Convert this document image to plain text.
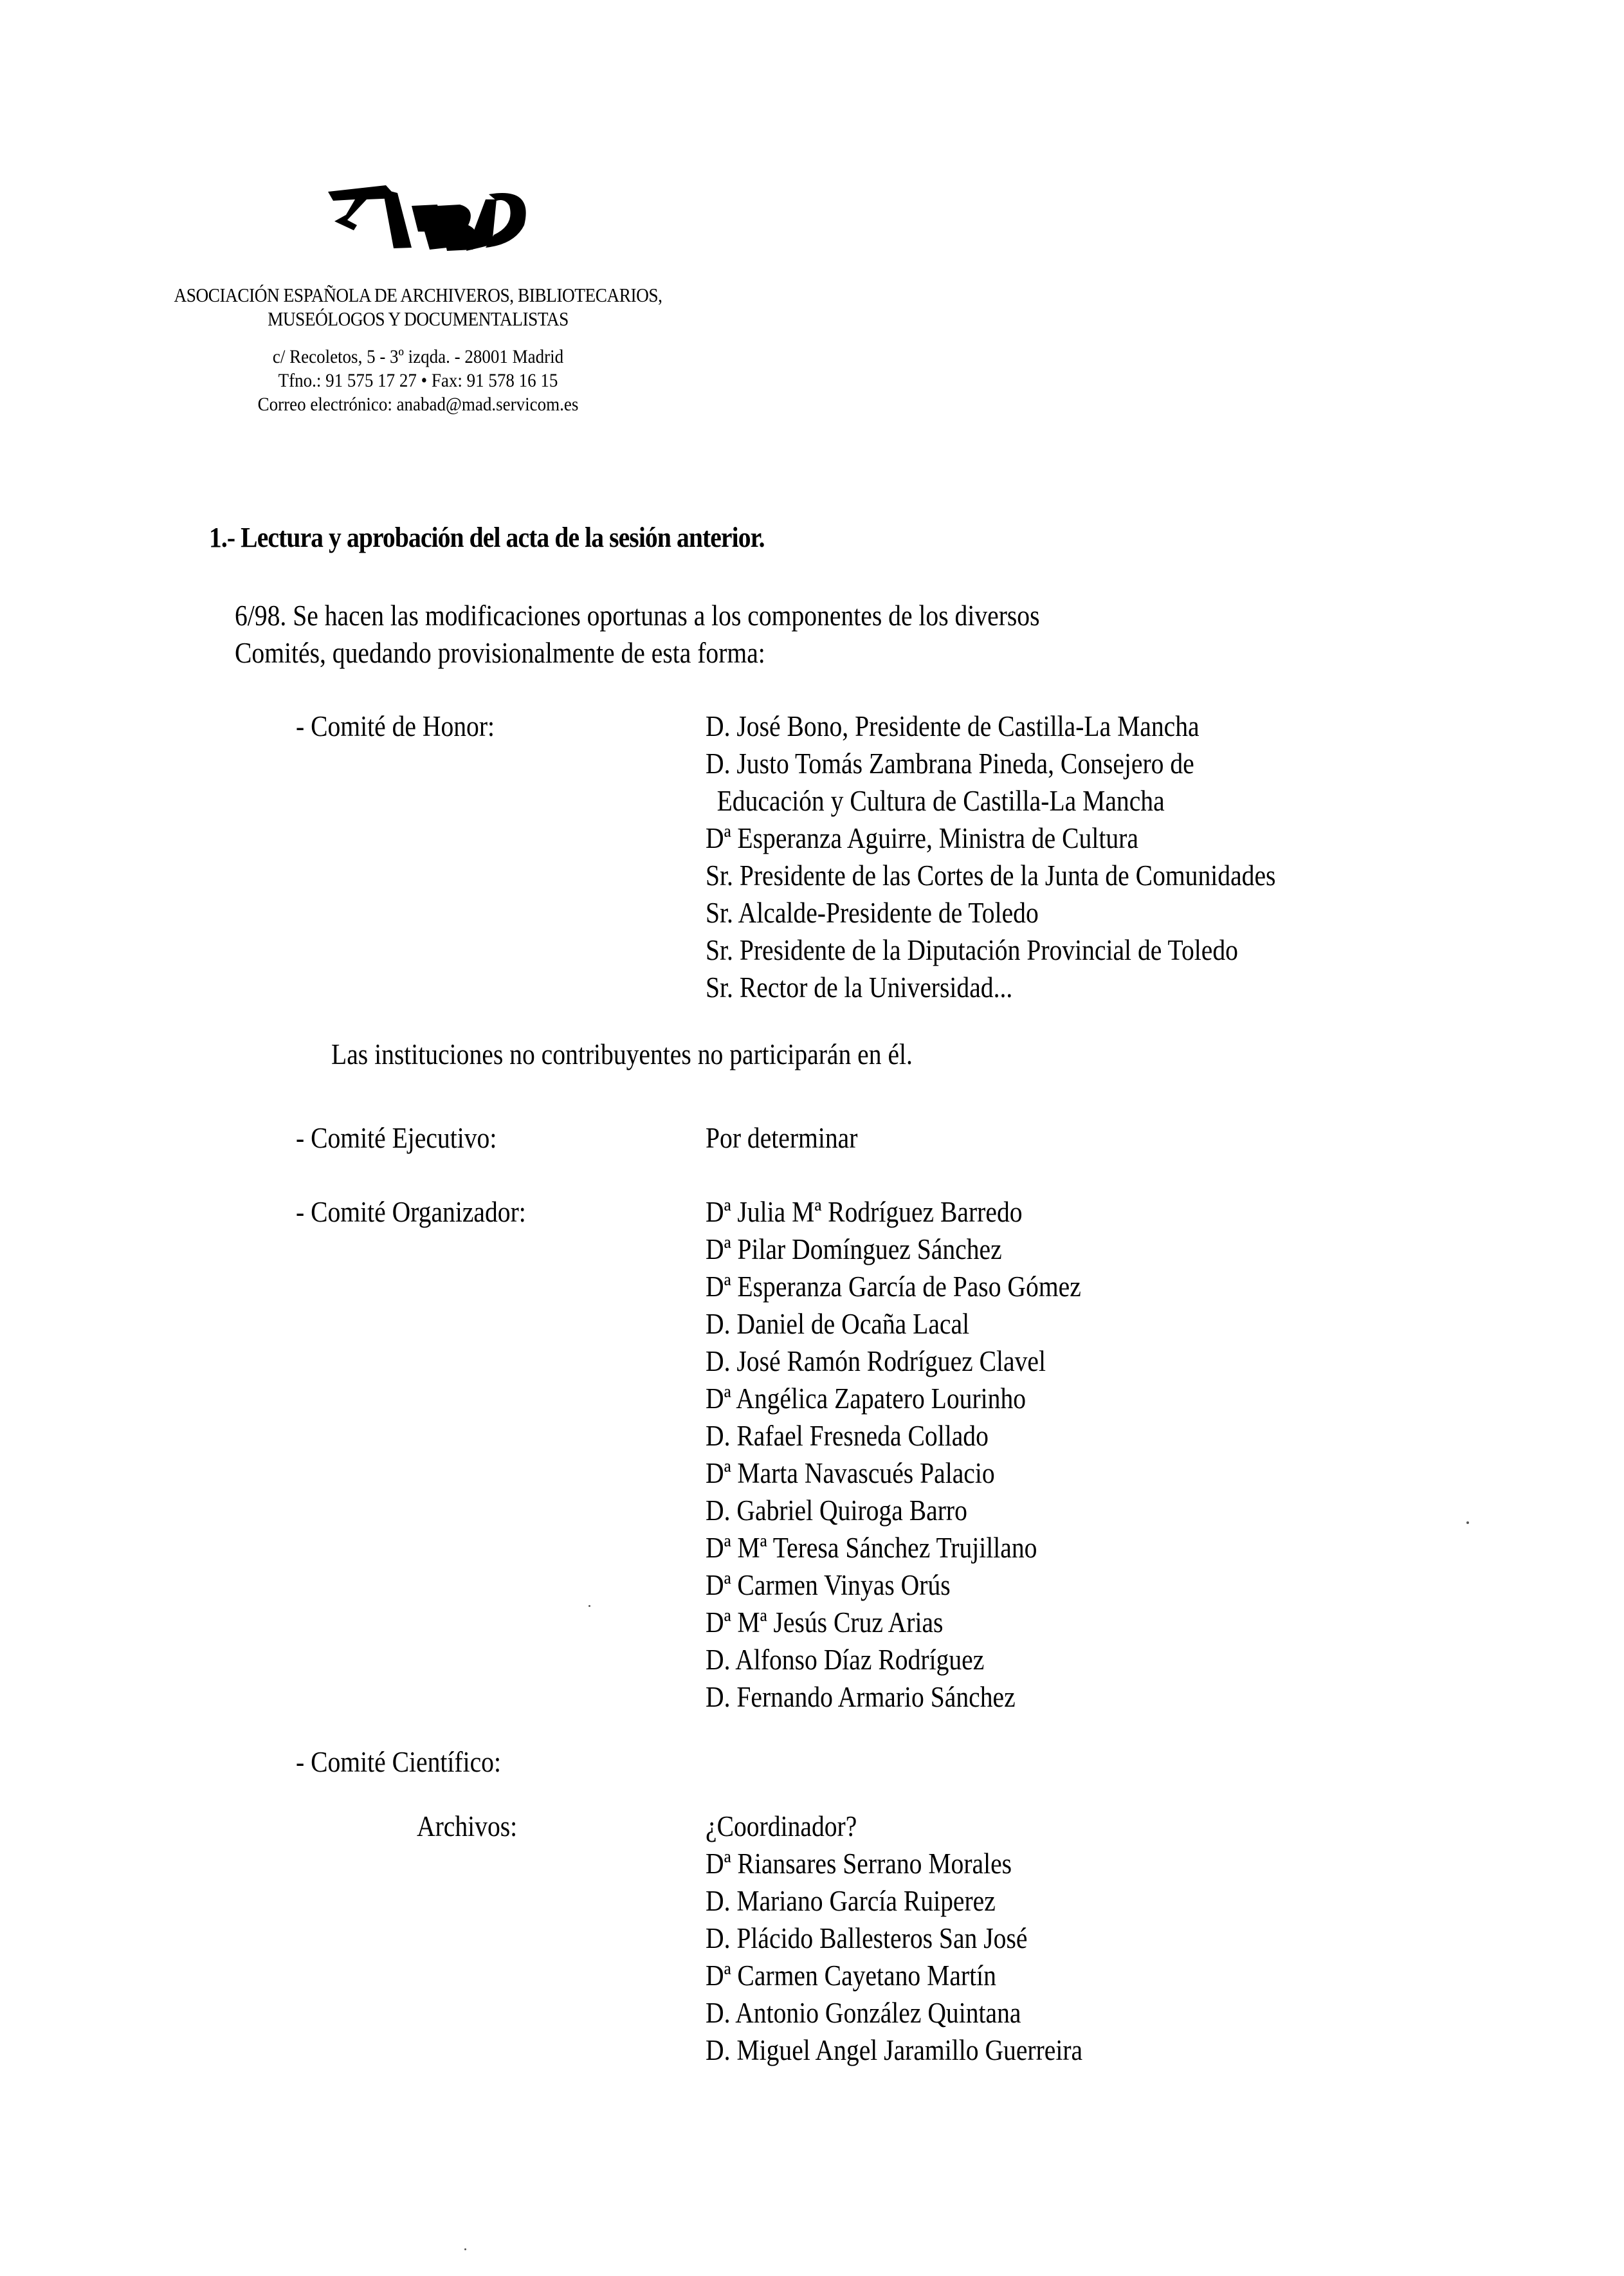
ASOCIACIÓN ESPAÑOLA DE ARCHIVEROS, BIBLIOTECARIOS,
MUSEÓLOGOS Y DOCUMENTALISTAS
c/ Recoletos, 5 - 3º izqda. - 28001 Madrid
Tfno.: 91 575 17 27 • Fax: 91 578 16 15
Correo electrónico: anabad@mad.servicom.es
1.- Lectura y aprobación del acta de la sesión anterior.
6/98. Se hacen las modificaciones oportunas a los componentes de los diversos
Comités, quedando provisionalmente de esta forma:
- Comité de Honor:	D. José Bono, Presidente de Castilla-La Mancha
D. Justo Tomás Zambrana Pineda, Consejero de
Educación y Cultura de Castilla-La Mancha
Dª Esperanza Aguirre, Ministra de Cultura
Sr. Presidente de las Cortes de la Junta de Comunidades
Sr. Alcalde-Presidente de Toledo
Sr. Presidente de la Diputación Provincial de Toledo
Sr. Rector de la Universidad...
Las instituciones no contribuyentes no participarán en él.
- Comité Ejecutivo:	Por determinar
- Comité Organizador:	Dª Julia Mª Rodríguez Barredo
Dª Pilar Domínguez Sánchez
Dª Esperanza García de Paso Gómez
D. Daniel de Ocaña Lacal
D. José Ramón Rodríguez Clavel
Dª Angélica Zapatero Lourinho
D. Rafael Fresneda Collado
Dª Marta Navascués Palacio
D. Gabriel Quiroga Barro
Dª Mª Teresa Sánchez Trujillano
Dª Carmen Vinyas Orús
Dª Mª Jesús Cruz Arias
D. Alfonso Díaz Rodríguez
D. Fernando Armario Sánchez
- Comité Científico:
Archivos:	¿Coordinador?
Dª Riansares Serrano Morales
D. Mariano García Ruiperez
D. Plácido Ballesteros San José
Dª Carmen Cayetano Martín
D. Antonio González Quintana
D. Miguel Angel Jaramillo Guerreira
